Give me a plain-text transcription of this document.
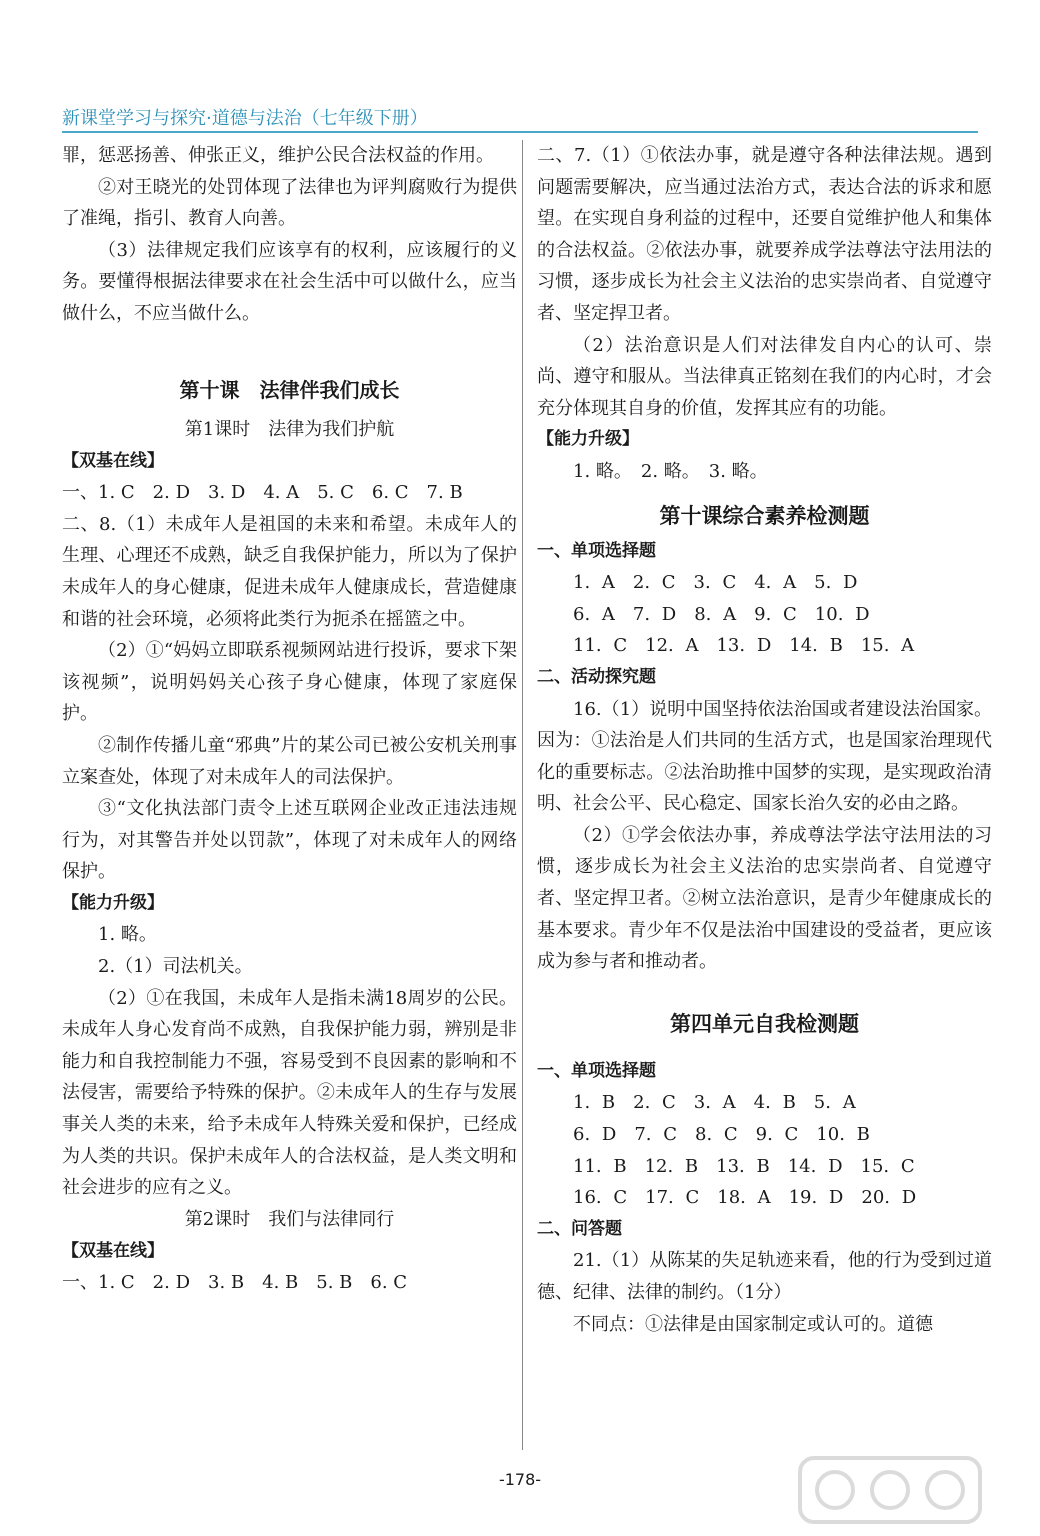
新课堂学习与探究·道德与法治（七年级下册）

罪，惩恶扬善、伸张正义，维护公民合法权益的作用。

②对王晓光的处罚体现了法律也为评判腐败行为提供了准绳，指引、教育人向善。

（3）法律规定我们应该享有的权利，应该履行的义务。要懂得根据法律要求在社会生活中可以做什么，应当做什么，不应当做什么。

第十课　法律伴我们成长

第1课时　法律为我们护航

【双基在线】

一、1. C　2. D　3. D　4. A　5. C　6. C　7. B

二、8.（1）未成年人是祖国的未来和希望。未成年人的生理、心理还不成熟，缺乏自我保护能力，所以为了保护未成年人的身心健康，促进未成年人健康成长，营造健康和谐的社会环境，必须将此类行为扼杀在摇篮之中。

（2）①“妈妈立即联系视频网站进行投诉，要求下架该视频”，说明妈妈关心孩子身心健康，体现了家庭保护。

②制作传播儿童“邪典”片的某公司已被公安机关刑事立案查处，体现了对未成年人的司法保护。

③“文化执法部门责令上述互联网企业改正违法违规行为，对其警告并处以罚款”，体现了对未成年人的网络保护。

【能力升级】

1. 略。

2.（1）司法机关。

（2）①在我国，未成年人是指未满18周岁的公民。未成年人身心发育尚不成熟，自我保护能力弱，辨别是非能力和自我控制能力不强，容易受到不良因素的影响和不法侵害，需要给予特殊的保护。②未成年人的生存与发展事关人类的未来，给予未成年人特殊关爱和保护，已经成为人类的共识。保护未成年人的合法权益，是人类文明和社会进步的应有之义。

第2课时　我们与法律同行

【双基在线】

一、1. C　2. D　3. B　4. B　5. B　6. C

二、7.（1）①依法办事，就是遵守各种法律法规。遇到问题需要解决，应当通过法治方式，表达合法的诉求和愿望。在实现自身利益的过程中，还要自觉维护他人和集体的合法权益。②依法办事，就要养成学法尊法守法用法的习惯，逐步成长为社会主义法治的忠实崇尚者、自觉遵守者、坚定捍卫者。

（2）法治意识是人们对法律发自内心的认可、崇尚、遵守和服从。当法律真正铭刻在我们的内心时，才会充分体现其自身的价值，发挥其应有的功能。

【能力升级】

1. 略。　2. 略。　3. 略。

第十课综合素养检测题

一、单项选择题

1. A　2. C　3. C　4. A　5. D

6. A　7. D　8. A　9. C　10. D

11. C　12. A　13. D　14. B　15. A

二、活动探究题

16.（1）说明中国坚持依法治国或者建设法治国家。因为：①法治是人们共同的生活方式，也是国家治理现代化的重要标志。②法治助推中国梦的实现，是实现政治清明、社会公平、民心稳定、国家长治久安的必由之路。

（2）①学会依法办事，养成尊法学法守法用法的习惯，逐步成长为社会主义法治的忠实崇尚者、自觉遵守者、坚定捍卫者。②树立法治意识，是青少年健康成长的基本要求。青少年不仅是法治中国建设的受益者，更应该成为参与者和推动者。

第四单元自我检测题

一、单项选择题

1. B　2. C　3. A　4. B　5. A

6. D　7. C　8. C　9. C　10. B

11. B　12. B　13. B　14. D　15. C

16. C　17. C　18. A　19. D　20. D

二、问答题

21.（1）从陈某的失足轨迹来看，他的行为受到过道德、纪律、法律的制约。（1分）

不同点：①法律是由国家制定或认可的。道德

-178-
